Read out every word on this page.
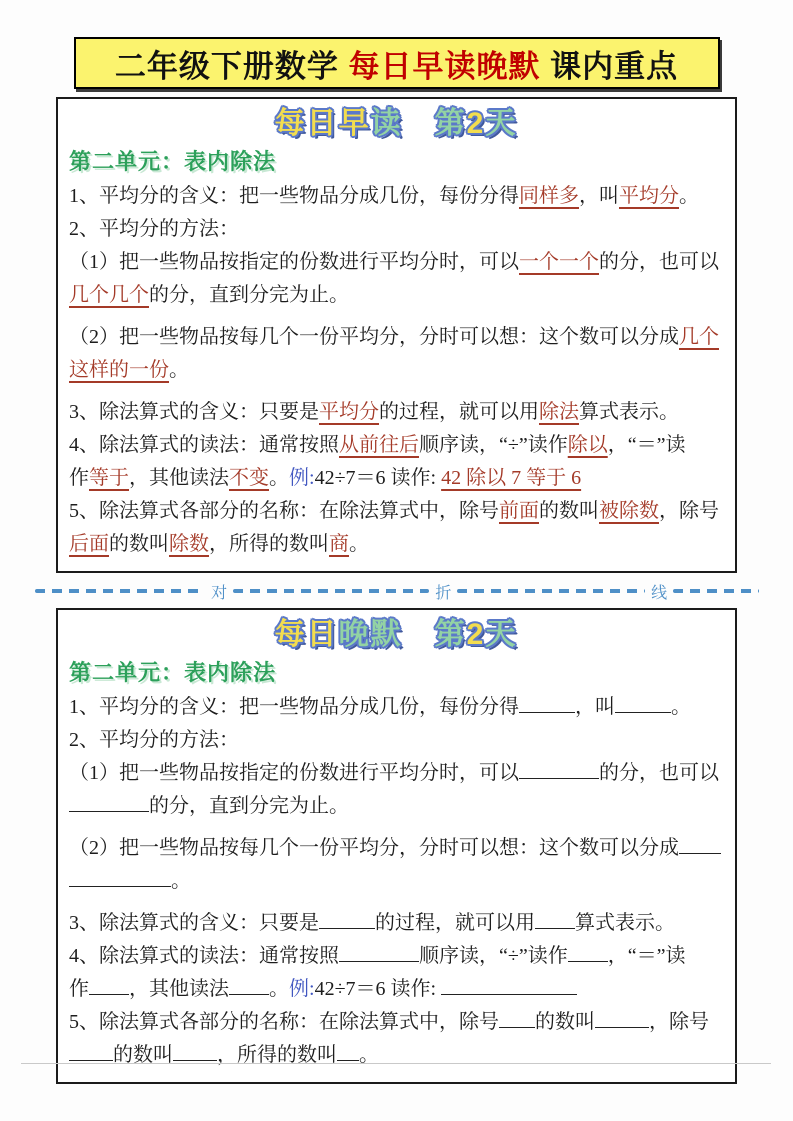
二年级下册数学 每日早读晚默 课内重点
每日早读　 第2天
第二单元：表内除法
1、平均分的含义：把一些物品分成几份，每份分得同样多，叫平均分。
2、平均分的方法：
（1）把一些物品按指定的份数进行平均分时，可以一个一个的分，也可以
几个几个的分，直到分完为止。
（2）把一些物品按每几个一份平均分，分时可以想：这个数可以分成几个
这样的一份。
3、除法算式的含义：只要是平均分的过程，就可以用除法算式表示。
4、除法算式的读法：通常按照从前往后顺序读，“÷”读作除以，“＝”读
作等于，其他读法不变。例:42÷7＝6 读作: 42 除以 7 等于 6
5、除法算式各部分的名称：在除法算式中，除号前面的数叫被除数，除号
后面的数叫除数，所得的数叫商。
对	折	线
每日晚默　 第2天
第二单元：表内除法
1、平均分的含义：把一些物品分成几份，每份分得	，叫	。
2、平均分的方法：
（1）把一些物品按指定的份数进行平均分时，可以	的分，也可以
的分，直到分完为止。
（2）把一些物品按每几个一份平均分，分时可以想：这个数可以分成
。
3、除法算式的含义：只要是	的过程，就可以用 算式表示。
4、除法算式的读法：通常按照	顺序读，“÷”读作 ，“＝”读
作 ，其他读法 。例:42÷7＝6 读作:
5、除法算式各部分的名称：在除法算式中，除号 的数叫	，除号
的数叫 ，所得的数叫 。
